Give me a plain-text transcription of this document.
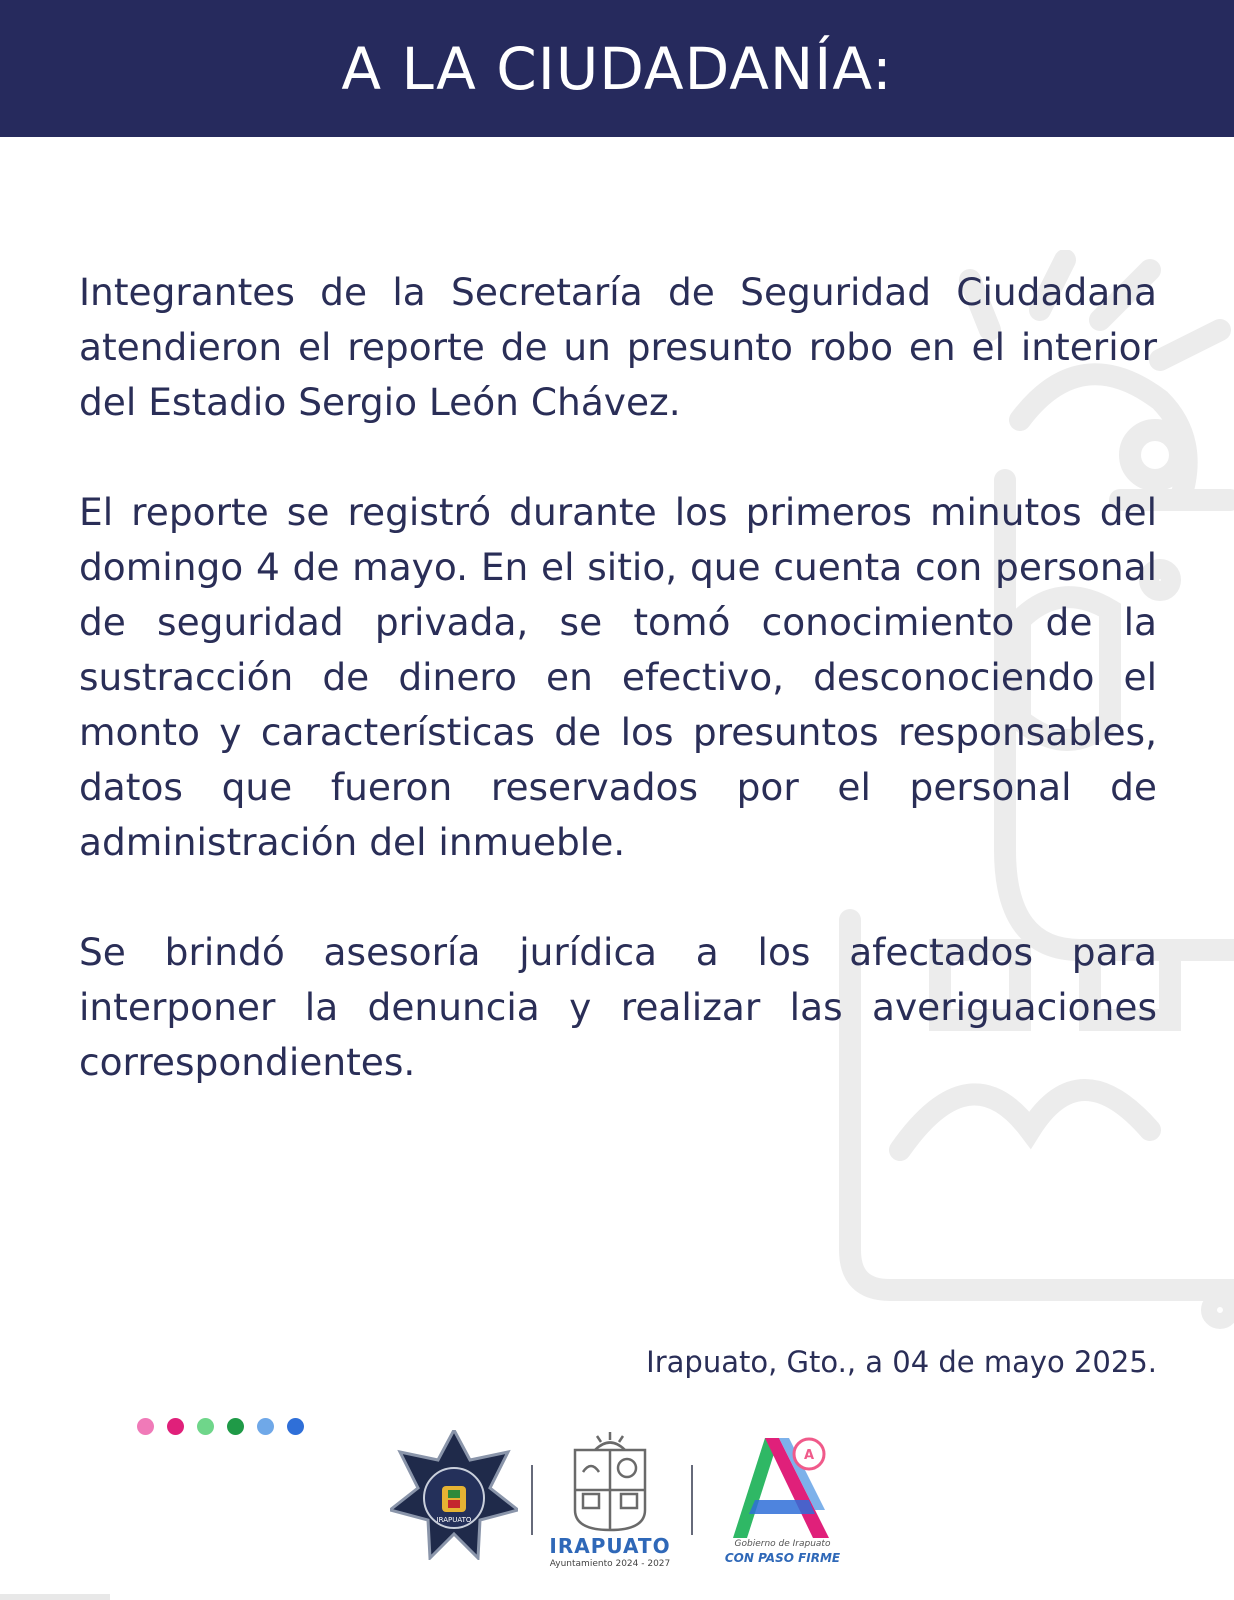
A LA CIUDADANÍA:

Integrantes de la Secretaría de Seguridad Ciudadana atendieron el reporte de un presunto robo en el interior del Estadio Sergio León Chávez.

El reporte se registró durante los primeros minutos del domingo 4 de mayo. En el sitio, que cuenta con personal de seguridad privada, se tomó conocimiento de la sustracción de dinero en efectivo, desconociendo el monto y características de los presuntos responsables, datos que fueron reservados por el personal de administración del inmueble.

Se brindó asesoría jurídica a los afectados para interponer la denuncia y realizar las averiguaciones correspondientes.

Irapuato, Gto., a 04 de mayo 2025.
IRAPUATO
IRAPUATO
Ayuntamiento 2024 - 2027
A
Gobierno de Irapuato
CON PASO FIRME
